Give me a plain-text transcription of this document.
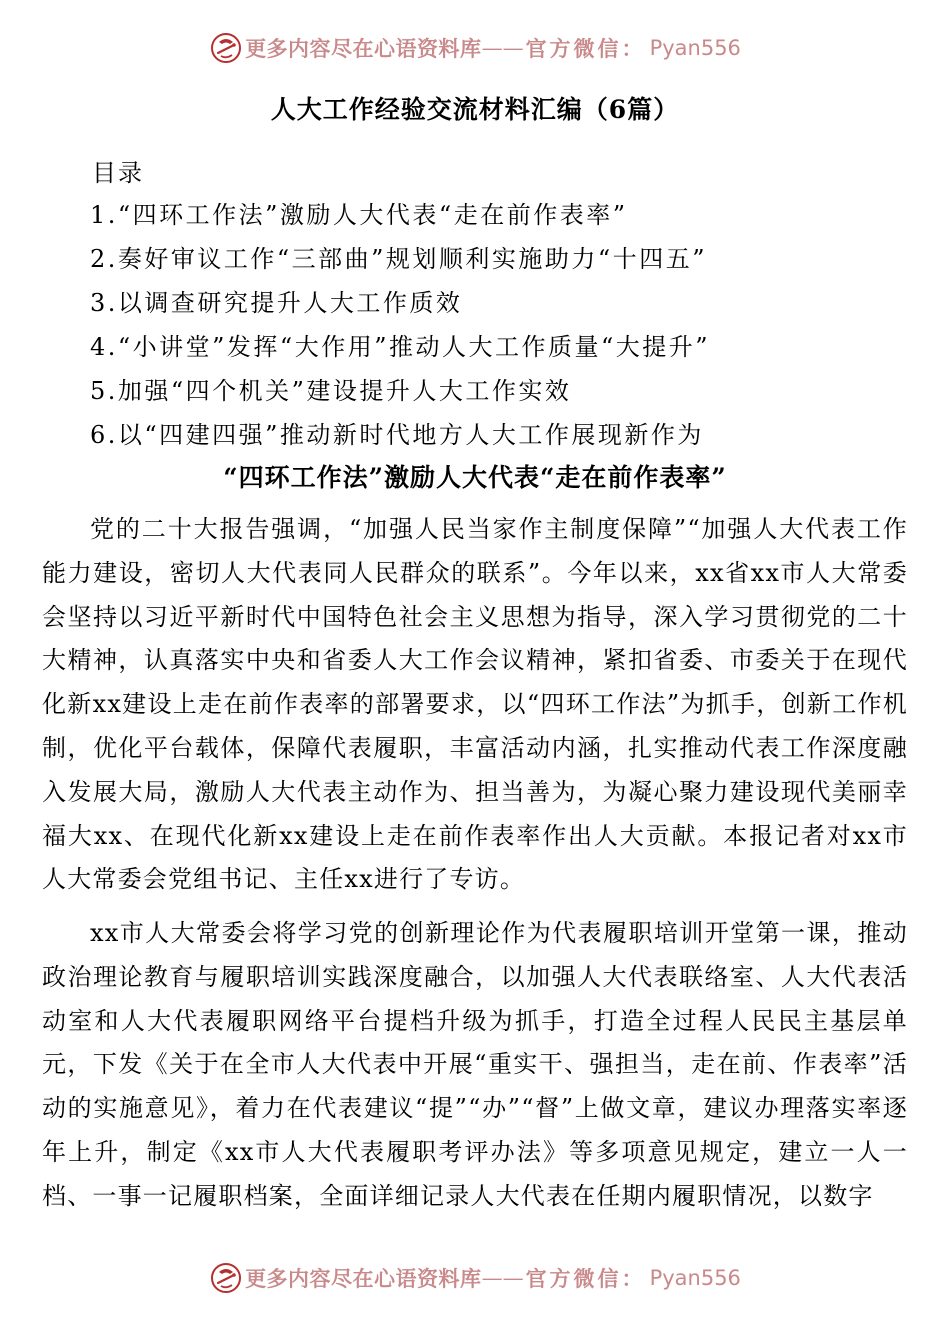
更多内容尽在心语资料库 —— 官方微信： Pyan556
人大工作经验交流材料汇编（6篇）
目录
1.“四环工作法”激励人大代表“走在前作表率”
2.奏好审议工作“三部曲”规划顺利实施助力“十四五”
3.以调查研究提升人大工作质效
4.“小讲堂”发挥“大作用”推动人大工作质量“大提升”
5.加强“四个机关”建设提升人大工作实效
6.以“四建四强”推动新时代地方人大工作展现新作为
“四环工作法”激励人大代表“走在前作表率”

党的二十大报告强调，“加强人民当家作主制度保障”“加强人大代表工作能力建设，密切人大代表同人民群众的联系”。今年以来，xx省xx市人大常委会坚持以习近平新时代中国特色社会主义思想为指导，深入学习贯彻党的二十大精神，认真落实中央和省委人大工作会议精神，紧扣省委、市委关于在现代化新xx建设上走在前作表率的部署要求，以“四环工作法”为抓手，创新工作机制，优化平台载体，保障代表履职，丰富活动内涵，扎实推动代表工作深度融入发展大局，激励人大代表主动作为、担当善为，为凝心聚力建设现代美丽幸福大xx、在现代化新xx建设上走在前作表率作出人大贡献。本报记者对xx市人大常委会党组书记、主任xx进行了专访。

xx市人大常委会将学习党的创新理论作为代表履职培训开堂第一课，推动政治理论教育与履职培训实践深度融合，以加强人大代表联络室、人大代表活动室和人大代表履职网络平台提档升级为抓手，打造全过程人民民主基层单元，下发《关于在全市人大代表中开展“重实干、强担当，走在前、作表率”活动的实施意见》，着力在代表建议“提”“办”“督”上做文章，建议办理落实率逐年上升，制定《xx市人大代表履职考评办法》等多项意见规定，建立一人一档、一事一记履职档案，全面详细记录人大代表在任期内履职情况，以数字

更多内容尽在心语资料库 —— 官方微信： Pyan556
